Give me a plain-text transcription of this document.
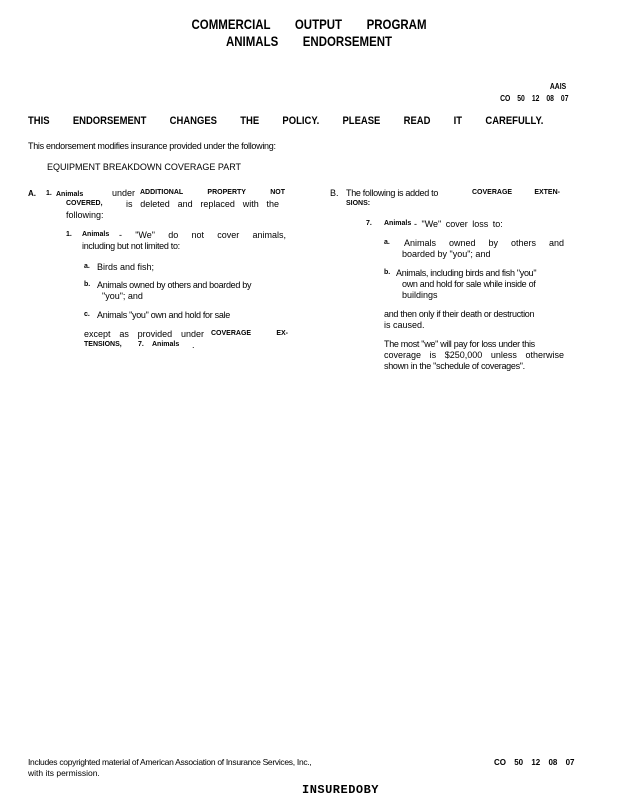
COMMERCIAL OUTPUT PROGRAM
ANIMALS ENDORSEMENT
AAIS
CO 50 12 08 07
THIS ENDORSEMENT CHANGES THE POLICY. PLEASE READ IT CAREFULLY.
This endorsement modifies insurance provided under the following:
EQUIPMENT BREAKDOWN COVERAGE PART
A. 1. Animals	under ADDITIONAL PROPERTY NOT
COVERED,	is deleted and replaced with the
following:
1. Animals - "We" do not cover animals,
including but not limited to:
a. Birds and fish;
b. Animals owned by others and boarded by
"you"; and
c. Animals "you" own and hold for sale
except as provided under COVERAGE EX-
TENSIONS, 7. Animals .
B. The following is added to	COVERAGE EXTEN-
SIONS:
7. Animals - "We" cover loss to:
a. Animals owned by others and
boarded by "you"; and
b. Animals, including birds and fish "you"
own and hold for sale while inside of
buildings
and then only if their death or destruction
is caused.
The most "we" will pay for loss under this
coverage is $250,000 unless otherwise
shown in the "schedule of coverages".
Includes copyrighted material of American Association of Insurance Services, Inc.,
with its permission.
CO 50 12 08 07
INSUREDOBY
